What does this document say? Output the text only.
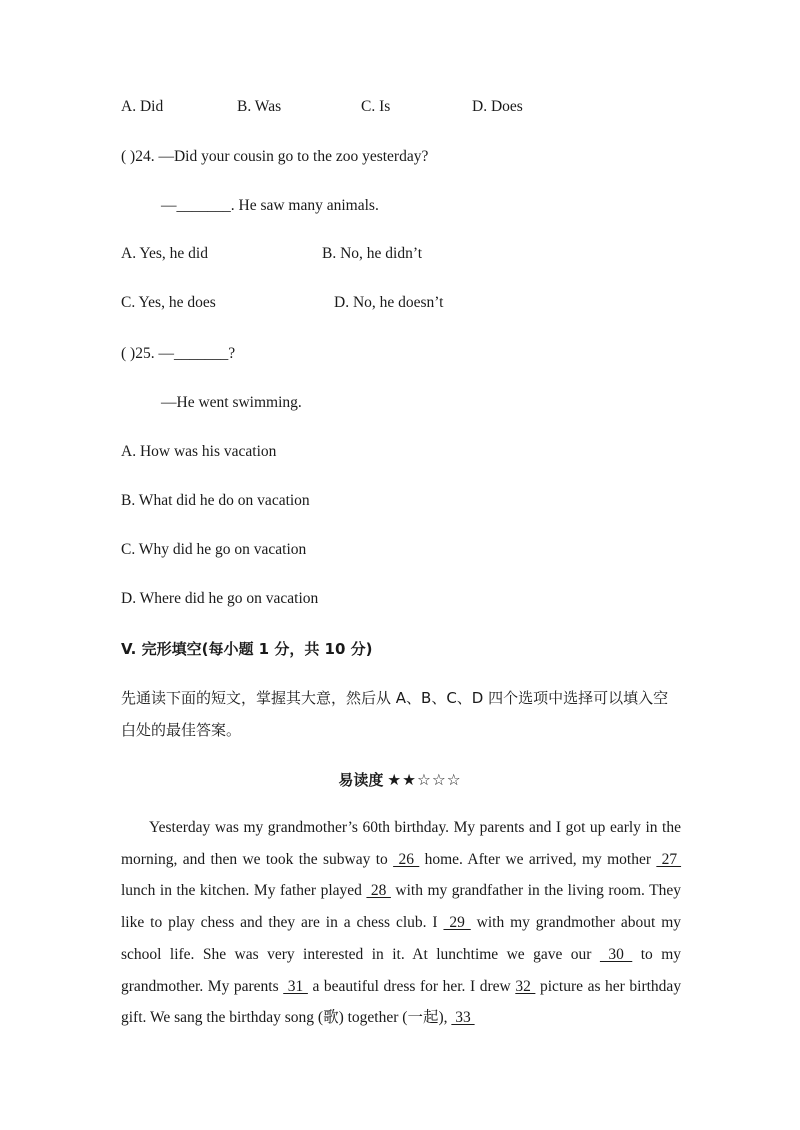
A. Did	B. Was	C. Is	D. Does
( )24. —Did your cousin go to the zoo yesterday?
—_______. He saw many animals.
A. Yes, he did	B. No, he didn’t
C. Yes, he does	D. No, he doesn’t
( )25. —_______?
—He went swimming.
A. How was his vacation
B. What did he do on vacation
C. Why did he go on vacation
D. Where did he go on vacation
V. 完形填空(每小题 1 分，共 10 分)
先通读下面的短文，掌握其大意，然后从 A、B、C、D 四个选项中选择可以填入空
白处的最佳答案。
易读度 ★★☆☆☆
Yesterday was my grandmother’s 60th birthday. My parents and I got up early in the morning, and then we took the subway to  26  home. After we arrived, my mother  27  lunch in the kitchen. My father played  28  with my grandfather in the living room. They like to play chess and they are in a chess club. I  29  with my grandmother about my school life. She was very interested in it. At lunchtime we gave our  30  to my grandmother. My parents  31  a beautiful dress for her. I drew 32  picture as her birthday gift. We sang the birthday song (歌) together (一起),  33
